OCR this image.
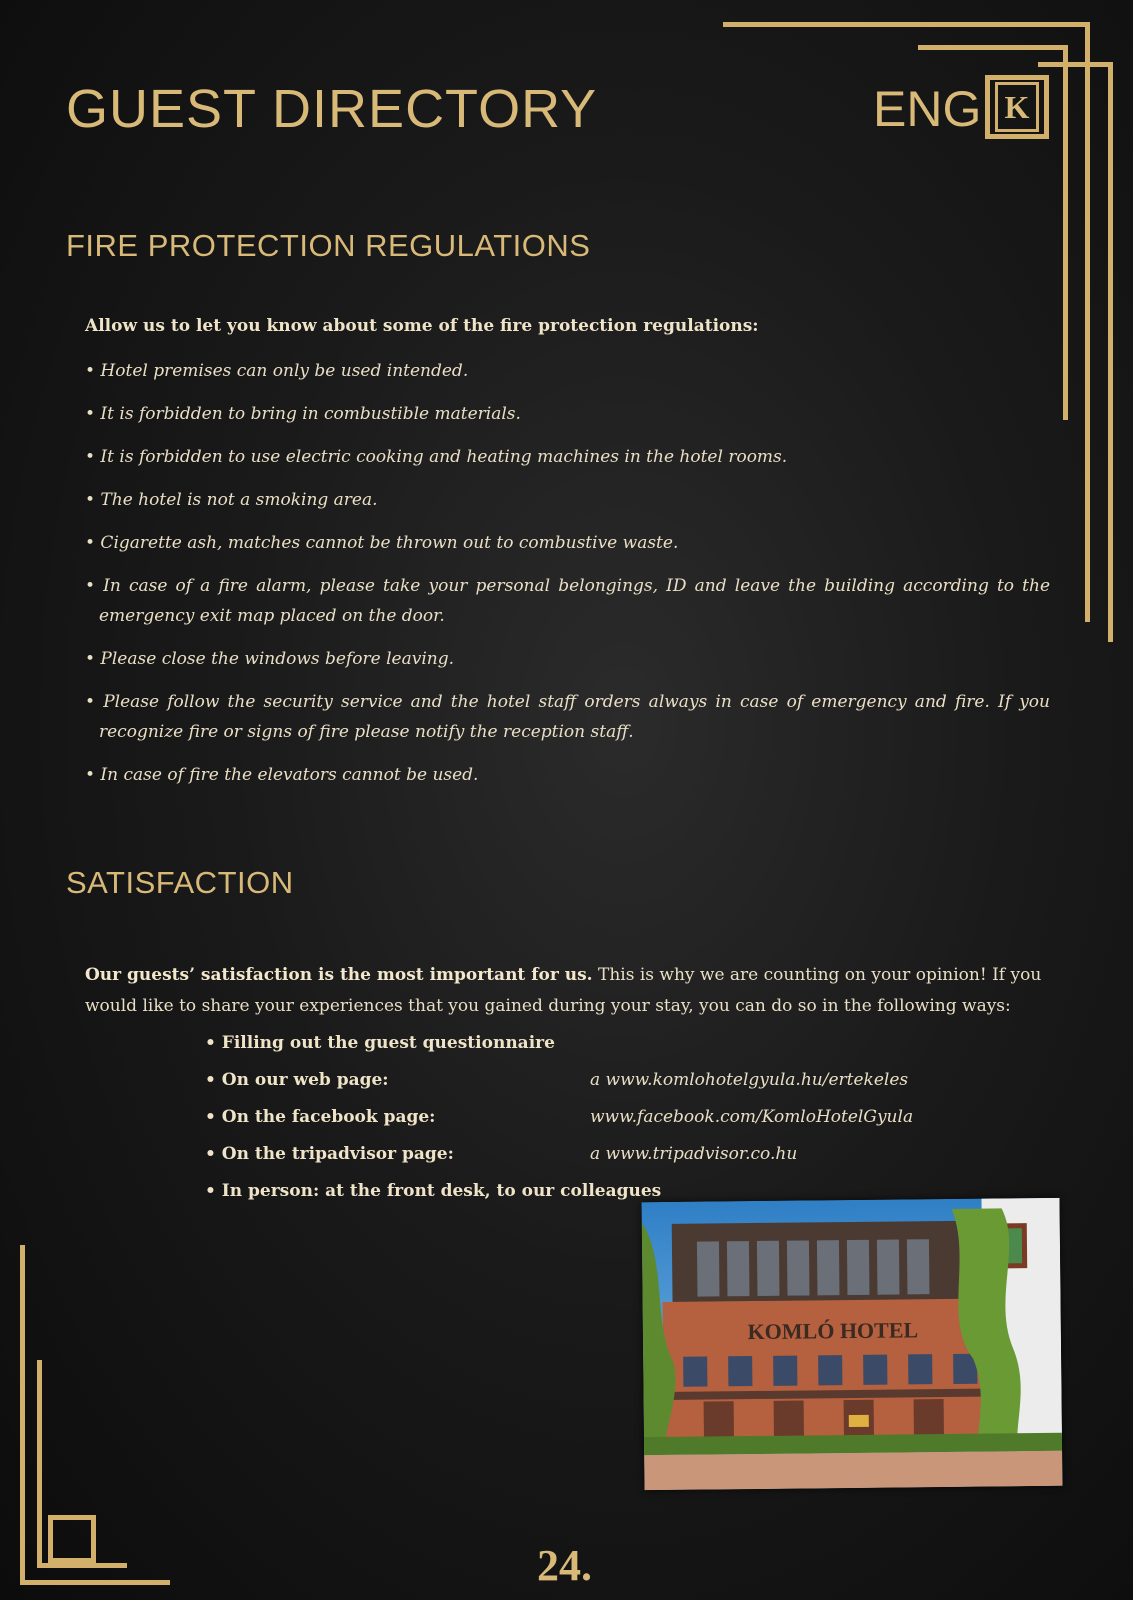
GUEST DIRECTORY	ENG K
FIRE PROTECTION REGULATIONS
Allow us to let you know about some of the fire protection regulations:
• Hotel premises can only be used intended.
• It is forbidden to bring in combustible materials.
• It is forbidden to use electric cooking and heating machines in the hotel rooms.
• The hotel is not a smoking area.
• Cigarette ash, matches cannot be thrown out to combustive waste.
• In case of a fire alarm, please take your personal belongings, ID and leave the building according to the emergency exit map placed on the door.
• Please close the windows before leaving.
• Please follow the security service and the hotel staff orders always in case of emergency and fire. If you recognize fire or signs of fire please notify the reception staff.
• In case of fire the elevators cannot be used.
SATISFACTION
Our guests’ satisfaction is the most important for us. This is why we are counting on your opinion! If you would like to share your experiences that you gained during your stay, you can do so in the following ways:
• Filling out the guest questionnaire
• On our web page:	a www.komlohotelgyula.hu/ertekeles
• On the facebook page:	www.facebook.com/KomloHotelGyula
• On the tripadvisor page:	a www.tripadvisor.co.hu
• In person: at the front desk, to our colleagues
KOMLÓ HOTEL
24.
